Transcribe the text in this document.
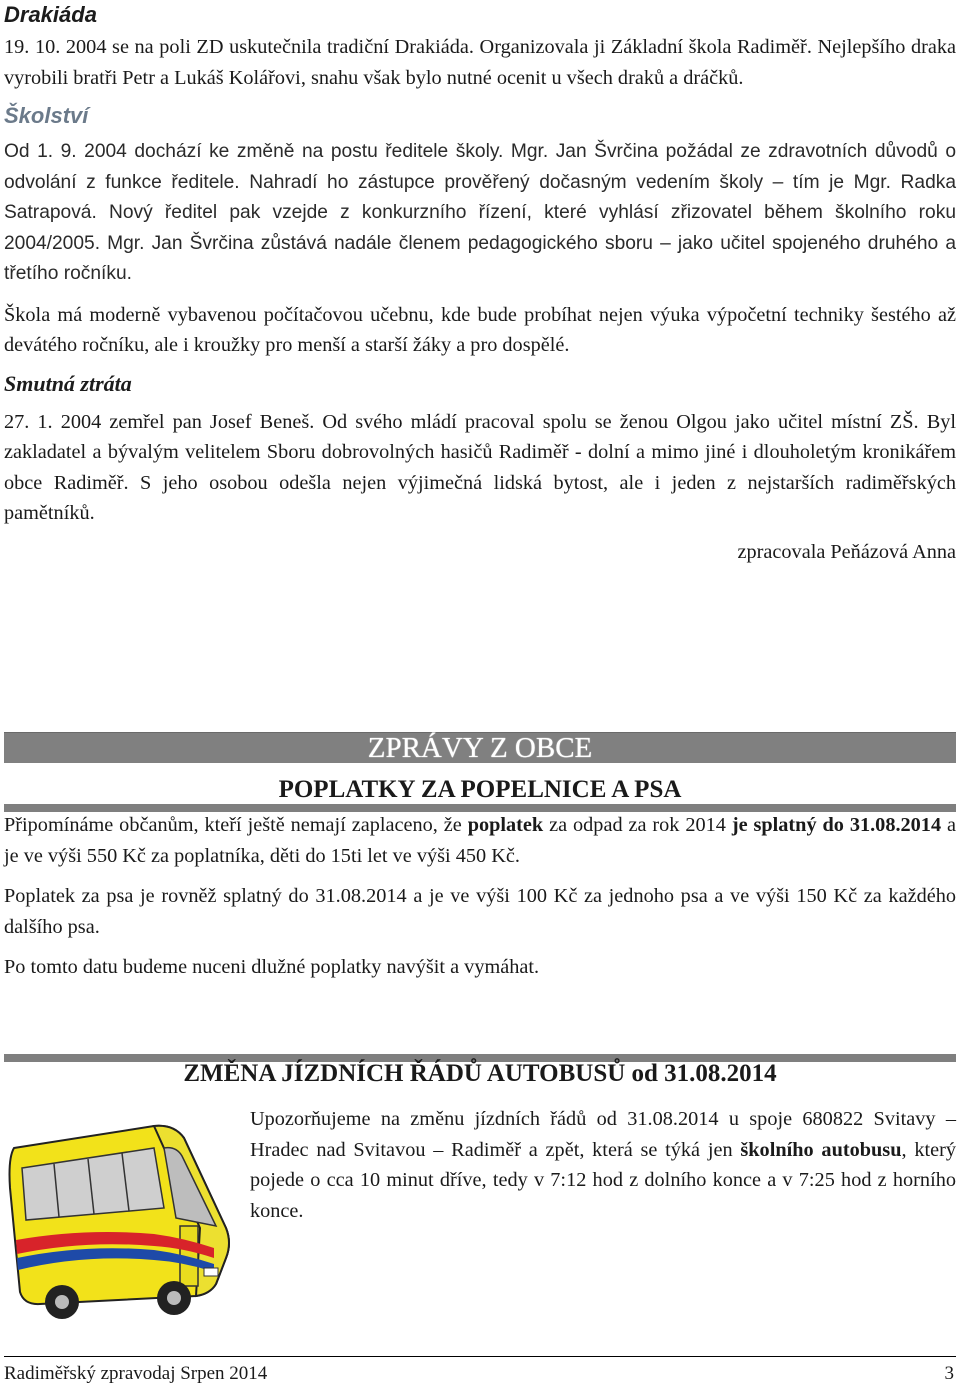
Drakiáda

19. 10. 2004 se na poli ZD uskutečnila tradiční Drakiáda. Organizovala ji Základní škola Radiměř. Nejlepšího draka vyrobili bratři Petr a Lukáš Kolářovi, snahu však bylo nutné ocenit u všech draků a dráčků.

Školství

Od 1. 9. 2004 dochází ke změně na postu ředitele školy. Mgr. Jan Švrčina požádal ze zdravotních důvodů o odvolání z funkce ředitele. Nahradí ho zástupce prověřený dočasným vedením školy – tím je Mgr. Radka Satrapová. Nový ředitel pak vzejde z konkurzního řízení, které vyhlásí zřizovatel během školního roku 2004/2005. Mgr. Jan Švrčina zůstává nadále členem pedagogického sboru – jako učitel spojeného druhého a třetího ročníku.

Škola má moderně vybavenou počítačovou učebnu, kde bude probíhat nejen výuka výpočetní techniky šestého až devátého ročníku, ale i kroužky pro menší a starší žáky a pro dospělé.

Smutná ztráta

27. 1. 2004 zemřel pan Josef Beneš. Od svého mládí pracoval spolu se ženou Olgou jako učitel místní ZŠ. Byl zakladatel a bývalým velitelem Sboru dobrovolných hasičů Radiměř - dolní a mimo jiné i dlouholetým kronikářem obce Radiměř. S jeho osobou odešla nejen výjimečná lidská bytost, ale i jeden z nejstarších radiměřských pamětníků.

zpracovala Peňázová Anna
ZPRÁVY Z OBCE
POPLATKY ZA POPELNICE A PSA

Připomínáme občanům, kteří ještě nemají zaplaceno, že poplatek za odpad za rok 2014 je splatný do 31.08.2014 a je ve výši 550 Kč za poplatníka, děti do 15ti let ve výši 450 Kč.

Poplatek za psa je rovněž splatný do 31.08.2014 a je ve výši 100 Kč za jednoho psa a ve výši 150 Kč za každého dalšího psa.

Po tomto datu budeme nuceni dlužné poplatky navýšit a vymáhat.

ZMĚNA JÍZDNÍCH ŘÁDŮ AUTOBUSŮ od 31.08.2014

Upozorňujeme na změnu jízdních řádů od 31.08.2014 u spoje 680822 Svitavy – Hradec nad Svitavou – Radiměř a zpět, která se týká jen školního autobusu, který pojede o cca 10 minut dříve, tedy v 7:12 hod z dolního konce a v 7:25 hod z horního konce.

Radiměřský zpravodaj Srpen 2014	3
